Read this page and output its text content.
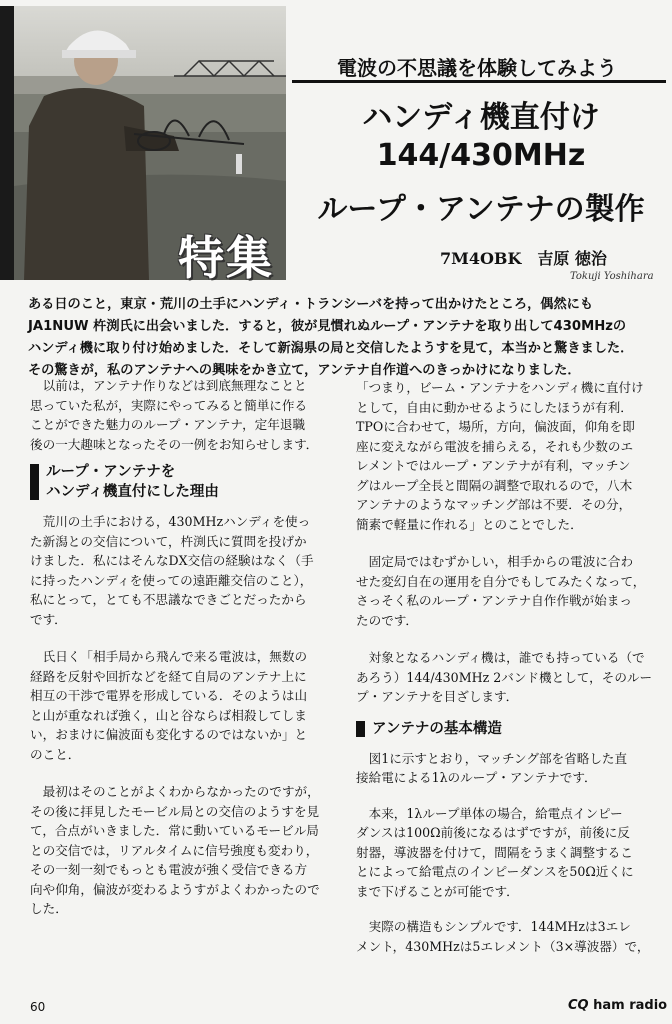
特集
電波の不思議を体験してみよう
ハンディ機直付け
144/430MHz
ループ・アンテナの製作
7M4OBK　吉原 徳治
Tokuji Yoshihara
ある日のこと，東京・荒川の土手にハンディ・トランシーバを持って出かけたところ，偶然にも
JA1NUW 杵渕氏に出会いました．すると，彼が見慣れぬループ・アンテナを取り出して430MHzの
ハンディ機に取り付け始めました．そして新潟県の局と交信したようすを見て，本当かと驚きました．
その驚きが，私のアンテナへの興味をかき立て，アンテナ自作道へのきっかけになりました．

　以前は，アンテナ作りなどは到底無理なことと
思っていた私が，実際にやってみると簡単に作る
ことができた魅力のループ・アンテナ，定年退職
後の一大趣味となったその一例をお知らせします．

ループ・アンテナを
ハンディ機直付にした理由

　荒川の土手における，430MHzハンディを使っ
た新潟との交信について，杵渕氏に質問を投げか
けました．私にはそんなDX交信の経験はなく（手
に持ったハンディを使っての遠距離交信のこと），
私にとって，とても不思議なできごとだったから
です．

　氏日く「相手局から飛んで来る電波は，無数の
経路を反射や回折などを経て自局のアンテナ上に
相互の干渉で電界を形成している．そのようは山
と山が重なれば強く，山と谷ならば相殺してしま
い，おまけに偏波面も変化するのではないか」と
のこと．

　最初はそのことがよくわからなかったのですが，
その後に拝見したモービル局との交信のようすを見
て，合点がいきました．常に動いているモービル局
との交信では，リアルタイムに信号強度も変わり，
その一刻一刻でもっとも電波が強く受信できる方
向や仰角，偏波が変わるようすがよくわかったので
した．

「つまり，ビーム・アンテナをハンディ機に直付け
として，自由に動かせるようにしたほうが有利．
TPOに合わせて，場所，方向，偏波面，仰角を即
座に変えながら電波を捕らえる，それも少数のエ
レメントではループ・アンテナが有利，マッチン
グはループ全長と間隔の調整で取れるので，八木
アンテナのようなマッチング部は不要．その分，
簡素で軽量に作れる」とのことでした．

　固定局ではむずかしい，相手からの電波に合わ
せた変幻自在の運用を自分でもしてみたくなって，
さっそく私のループ・アンテナ自作作戦が始まっ
たのです．

　対象となるハンディ機は，誰でも持っている（で
あろう）144/430MHz 2バンド機として，そのルー
プ・アンテナを目ざします．

アンテナの基本構造

　図1に示すとおり，マッチング部を省略した直
接給電による1λのループ・アンテナです．

　本来，1λループ単体の場合，給電点インピー
ダンスは100Ω前後になるはずですが，前後に反
射器，導波器を付けて，間隔をうまく調整するこ
とによって給電点のインピーダンスを50Ω近くに
まで下げることが可能です．

　実際の構造もシンプルです．144MHzは3エレ
メント，430MHzは5エレメント（3×導波器）で，

60	CQ ham radio
